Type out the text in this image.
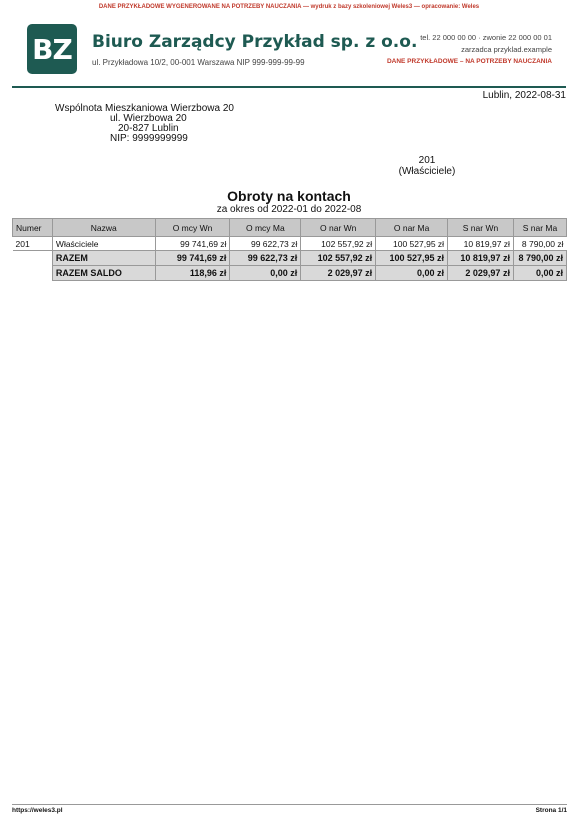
DANE PRZYKŁADOWE WYGENEROWANE NA POTRZEBY NAUCZANIA — wydruk z bazy szkoleniowej Weles3 — opracowanie: Weles
BZ	Biuro Zarządcy Przykład sp. z o.o.
ul. Przykładowa 10/2, 00-001 Warszawa NIP 999-999-99-99
tel. 22 000 00 00 · zwonie 22 000 00 01
zarzadca przyklad.example
DANE PRZYKŁADOWE – NA POTRZEBY NAUCZANIA
Lublin, 2022-08-31
Wspólnota Mieszkaniowa Wierzbowa 20
ul. Wierzbowa 20
20-827 Lublin
NIP: 9999999999
201
(Właściciele)
Obroty na kontach
za okres od 2022-01 do 2022-08
Numer	Nazwa	O mcy Wn	O mcy Ma	O nar Wn	O nar Ma	S nar Wn	S nar Ma
201	Właściciele	99 741,69 zł	99 622,73 zł	102 557,92 zł	100 527,95 zł	10 819,97 zł	8 790,00 zł
	RAZEM	99 741,69 zł	99 622,73 zł	102 557,92 zł	100 527,95 zł	10 819,97 zł	8 790,00 zł
	RAZEM SALDO	118,96 zł	0,00 zł	2 029,97 zł	0,00 zł	2 029,97 zł	0,00 zł
https://weles3.pl	Strona 1/1
